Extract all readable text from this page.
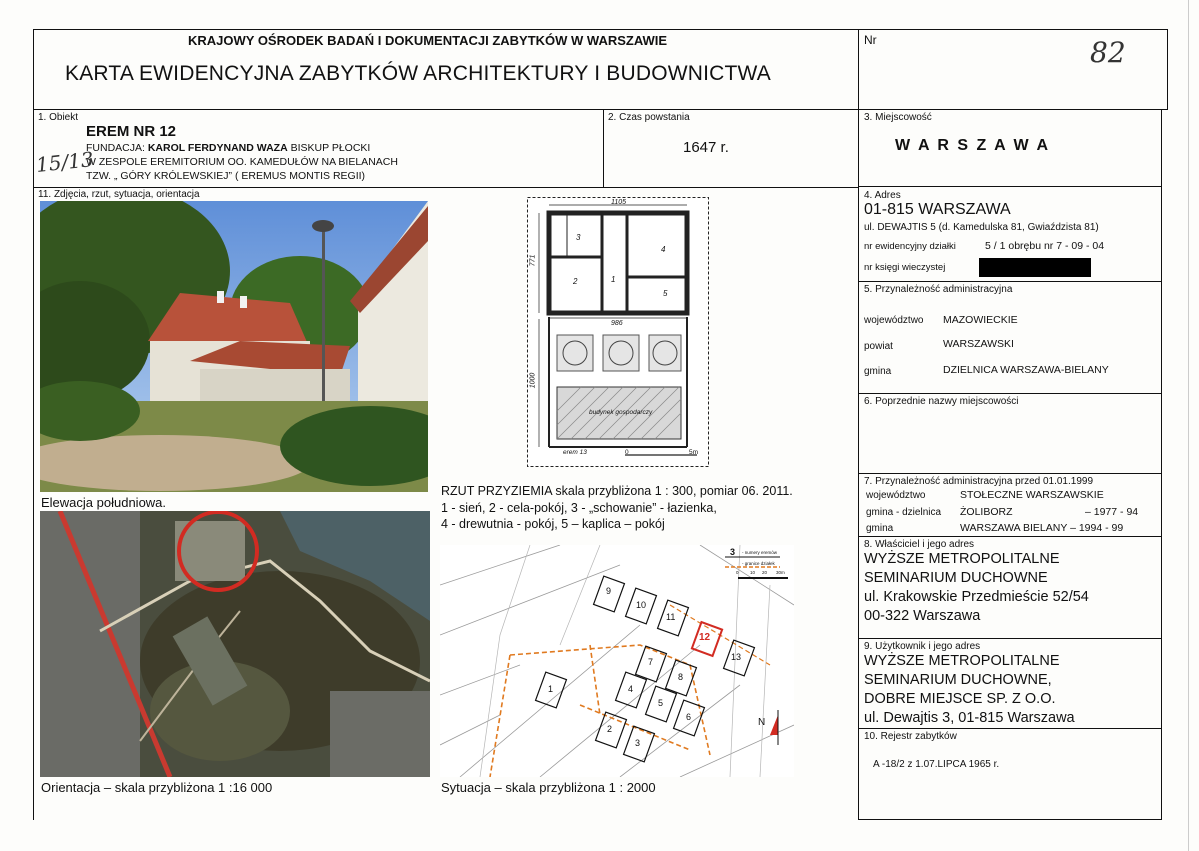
KRAJOWY OŚRODEK BADAŃ I DOKUMENTACJI ZABYTKÓW W WARSZAWIE
KARTA EWIDENCYJNA ZABYTKÓW ARCHITEKTURY I BUDOWNICTWA
Nr	82
1. Obiekt
EREM NR 12
FUNDACJA: KAROL FERDYNAND WAZA BISKUP PŁOCKI
W ZESPOLE EREMITORIUM OO. KAMEDUŁÓW NA BIELANACH
TZW. „ GÓRY KRÓLEWSKIEJ” ( EREMUS MONTIS REGII)
15/13
2. Czas powstania
1647 r.
3. Miejscowość
W A R S Z A W A
4. Adres
01-815 WARSZAWA
ul. DEWAJTIS 5 (d. Kamedulska 81, Gwiaździsta 81)
nr ewidencyjny działki	5 / 1 obrębu nr 7 - 09 - 04
nr księgi wieczystej
5. Przynależność administracyjna
województwo MAZOWIECKIE
powiat	WARSZAWSKI
gmina	DZIELNICA WARSZAWA-BIELANY
6. Poprzednie nazwy miejscowości
7. Przynależność administracyjna przed 01.01.1999
województwo	STOŁECZNE WARSZAWSKIE
gmina - dzielnica ŻOLIBORZ	– 1977 - 94
gmina	WARSZAWA BIELANY – 1994 - 99
8. Właściciel i jego adres
WYŻSZE METROPOLITALNE
SEMINARIUM DUCHOWNE
ul. Krakowskie Przedmieście 52/54
00-322 Warszawa
9. Użytkownik i jego adres
WYŻSZE METROPOLITALNE
SEMINARIUM DUCHOWNE,
DOBRE MIEJSCE SP. Z O.O.
ul. Dewajtis 3, 01-815 Warszawa
10. Rejestr zabytków
A -18/2 z 1.07.LIPCA 1965 r.
11. Zdjęcia, rzut, sytuacja, orientacja
Elewacja południowa.
Orientacja – skala przybliżona 1 :16 000
1105
771
986
1000
1
2
3
4
5
budynek gospodarczy
erem 13	0	5m
RZUT PRZYZIEMIA skala przybliżona 1 : 300, pomiar 06. 2011.
1 - sień, 2 - cela-pokój, 3 - „schowanie” - łazienka,
4 - drewutnia - pokój, 5 – kaplica – pokój
9
10
11
12
13
7
8
4
5
6
2
3
1
3 - numery eremów
- granice działek
0	10 20 30m
N
Sytuacja – skala przybliżona 1 : 2000
